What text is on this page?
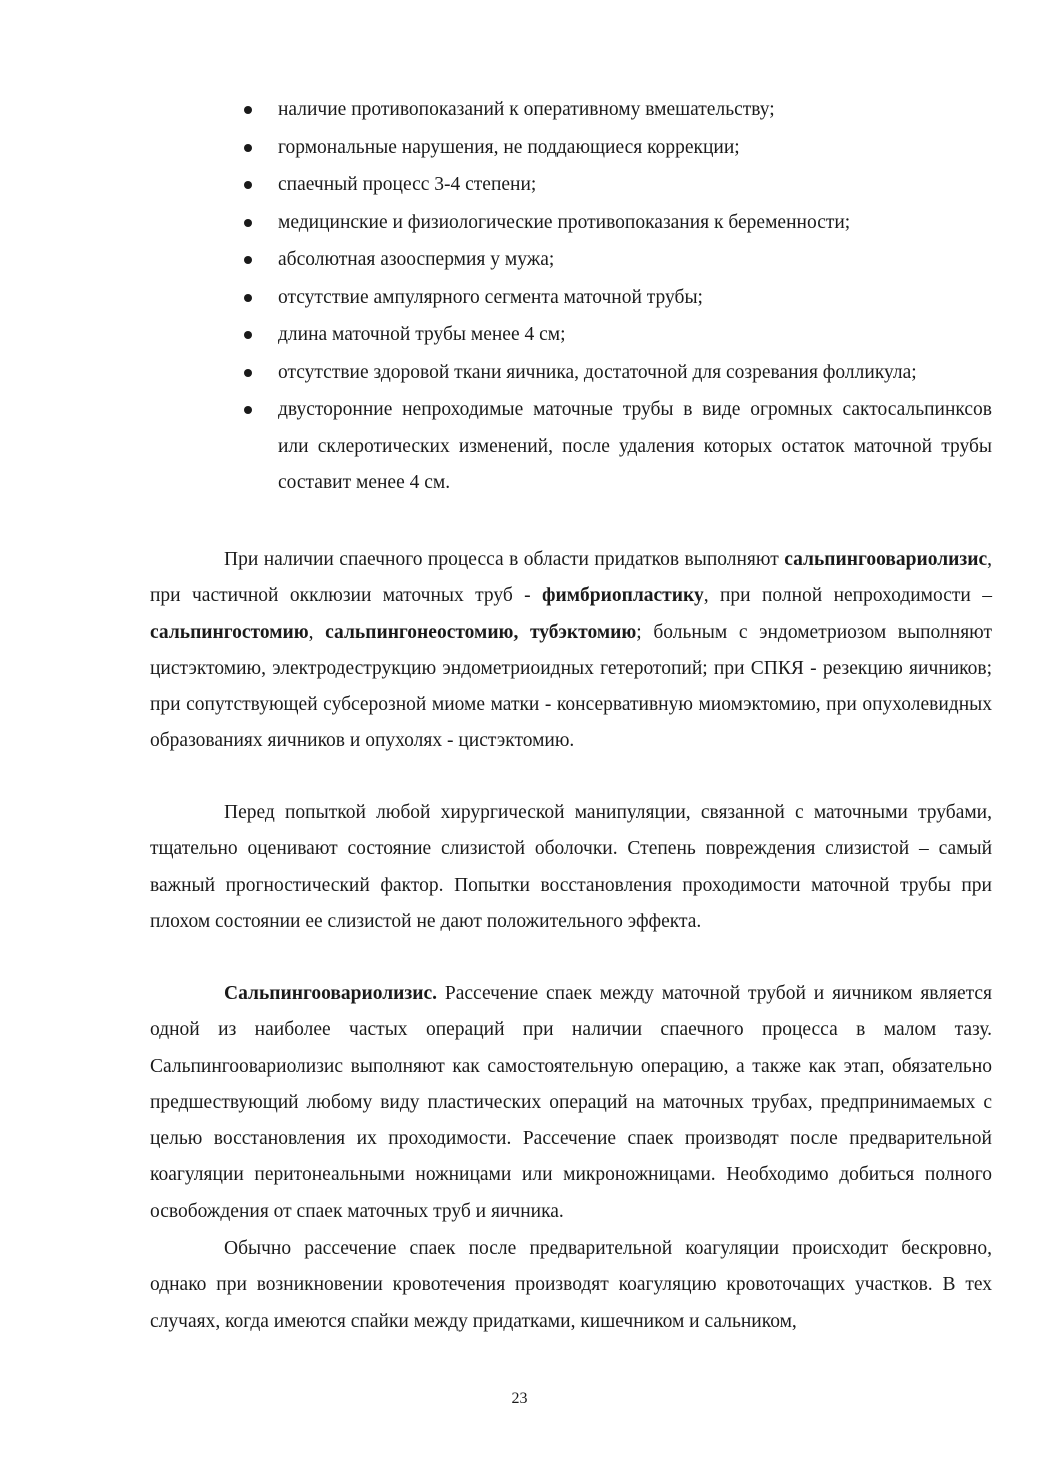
наличие противопоказаний к оперативному вмешательству;
гормональные нарушения, не поддающиеся коррекции;
спаечный процесс 3-4 степени;
медицинские и физиологические противопоказания к беременности;
абсолютная азооспермия у мужа;
отсутствие ампулярного сегмента маточной трубы;
длина маточной трубы менее 4 см;
отсутствие здоровой ткани яичника, достаточной для созревания фолликула;
двусторонние непроходимые маточные трубы в виде огромных сактосальпинксов или склеротических изменений, после удаления которых остаток маточной трубы составит менее 4 см.

При наличии спаечного процесса в области придатков выполняют сальпингоовариолизис, при частичной окклюзии маточных труб - фимбриопластику, при полной непроходимости – сальпингостомию, сальпингонеостомию, тубэктомию; больным с эндометриозом выполняют цистэктомию, электродеструкцию эндометриоидных гетеротопий; при СПКЯ - резекцию яичников; при сопутствующей субсерозной миоме матки - консервативную миомэктомию, при опухолевидных образованиях яичников и опухолях - цистэктомию.

Перед попыткой любой хирургической манипуляции, связанной с маточными трубами, тщательно оценивают состояние слизистой оболочки. Степень повреждения слизистой – самый важный прогностический фактор. Попытки восстановления проходимости маточной трубы при плохом состоянии ее слизистой не дают положительного эффекта.

Сальпингоовариолизис. Рассечение спаек между маточной трубой и яичником является одной из наиболее частых операций при наличии спаечного процесса в малом тазу. Сальпингоовариолизис выполняют как самостоятельную операцию, а также как этап, обязательно предшествующий любому виду пластических операций на маточных трубах, предпринимаемых с целью восстановления их проходимости. Рассечение спаек производят после предварительной коагуляции перитонеальными ножницами или микроножницами. Необходимо добиться полного освобождения от спаек маточных труб и яичника.

Обычно рассечение спаек после предварительной коагуляции происходит бескровно, однако при возникновении кровотечения производят коагуляцию кровоточащих участков. В тех случаях, когда имеются спайки между придатками, кишечником и сальником,

23
